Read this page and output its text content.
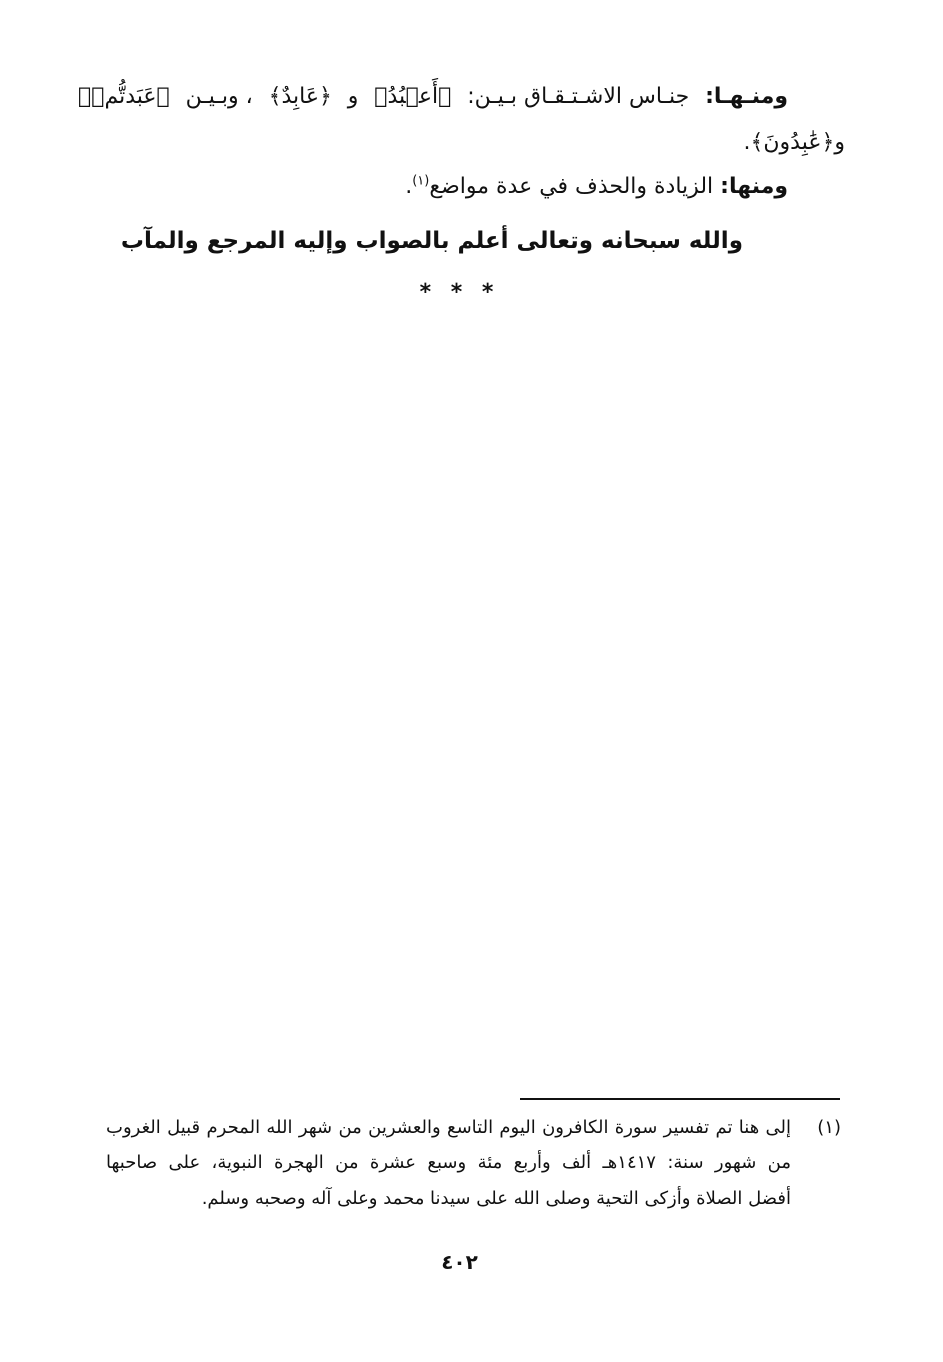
ومنـهـا:
جنـاس الاشـتـقـاق بـيـن:
﴿أَعۡبُدُ﴾
و
﴿عَابِدٌ﴾
، وبـيـن
﴿عَبَدتُّمۡ﴾
و﴿عَٰبِدُونَ﴾.
ومنها: الزيادة والحذف في عدة مواضع$^{(١)}$.
والله سبحانه وتعالى أعلم بالصواب وإليه المرجع والمآب
* * *
(١)
إلى هنا تم تفسير سورة الكافرون اليوم التاسع والعشرين من شهر الله المحرم قبيل الغروب
من شهور سنة: ١٤١٧هـ ألف وأربع مئة وسبع عشرة من الهجرة النبوية، على صاحبها
أفضل الصلاة وأزكى التحية وصلى الله على سيدنا محمد وعلى آله وصحبه وسلم.
٤٠٢
